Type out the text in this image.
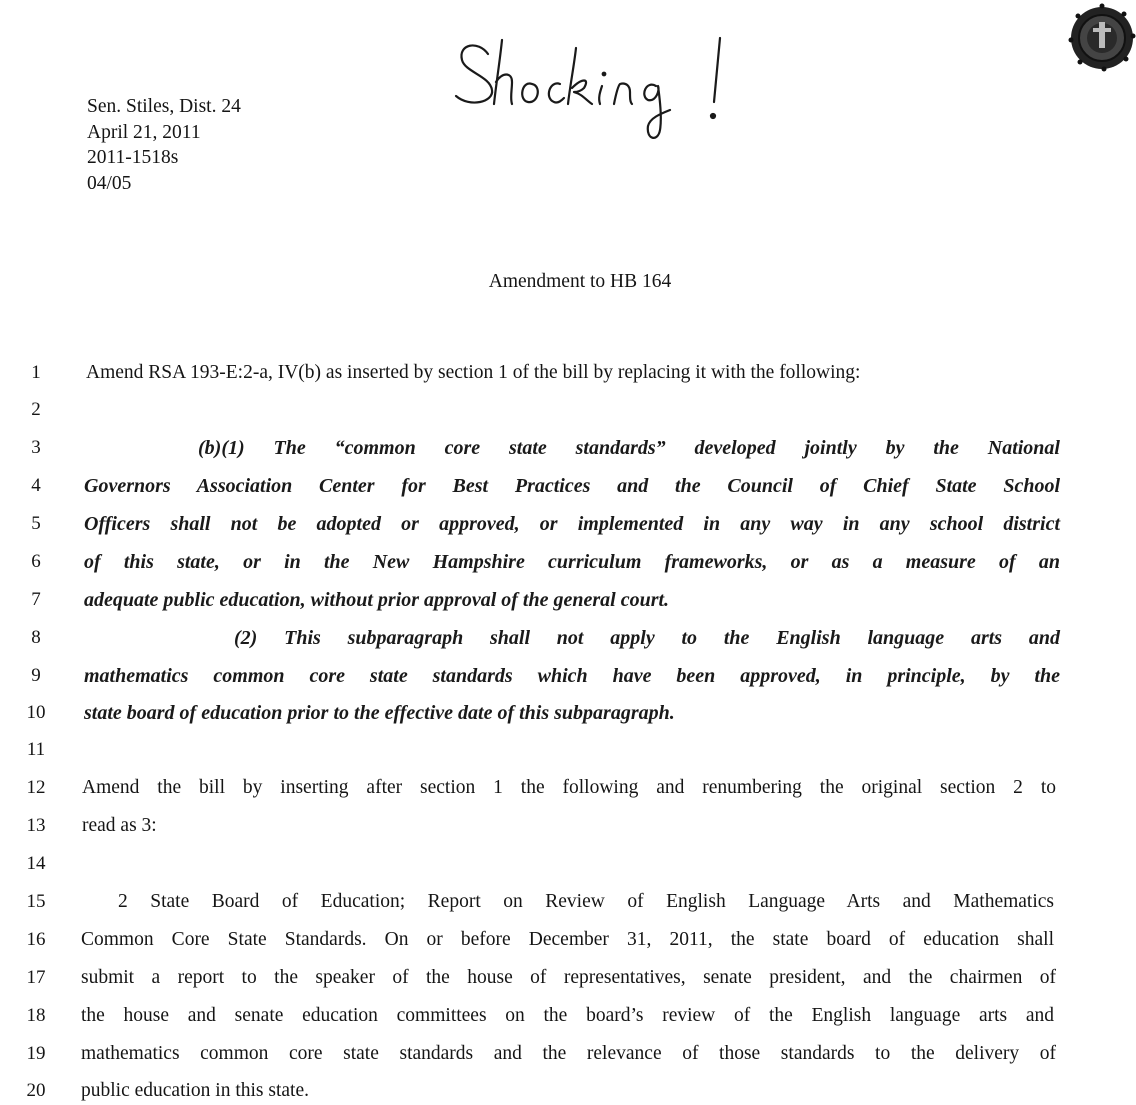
Sen. Stiles, Dist. 24
April 21, 2011
2011-1518s
04/05
Amendment to HB 164
1	Amend RSA 193-E:2-a, IV(b) as inserted by section 1 of the bill by replacing it with the following:
2
3	(b)(1) The “common core state standards” developed jointly by the National
4	Governors Association Center for Best Practices and the Council of Chief State School
5	Officers shall not be adopted or approved, or implemented in any way in any school district
6	of this state, or in the New Hampshire curriculum frameworks, or as a measure of an
7	adequate public education, without prior approval of the general court.
8	(2) This subparagraph shall not apply to the English language arts and
9	mathematics common core state standards which have been approved, in principle, by the
10	state board of education prior to the effective date of this subparagraph.
11
12	Amend the bill by inserting after section 1 the following and renumbering the original section 2 to
13	read as 3:
14
15	2 State Board of Education; Report on Review of English Language Arts and Mathematics
16	Common Core State Standards. On or before December 31, 2011, the state board of education shall
17	submit a report to the speaker of the house of representatives, senate president, and the chairmen of
18	the house and senate education committees on the board’s review of the English language arts and
19	mathematics common core state standards and the relevance of those standards to the delivery of
20	public education in this state.
